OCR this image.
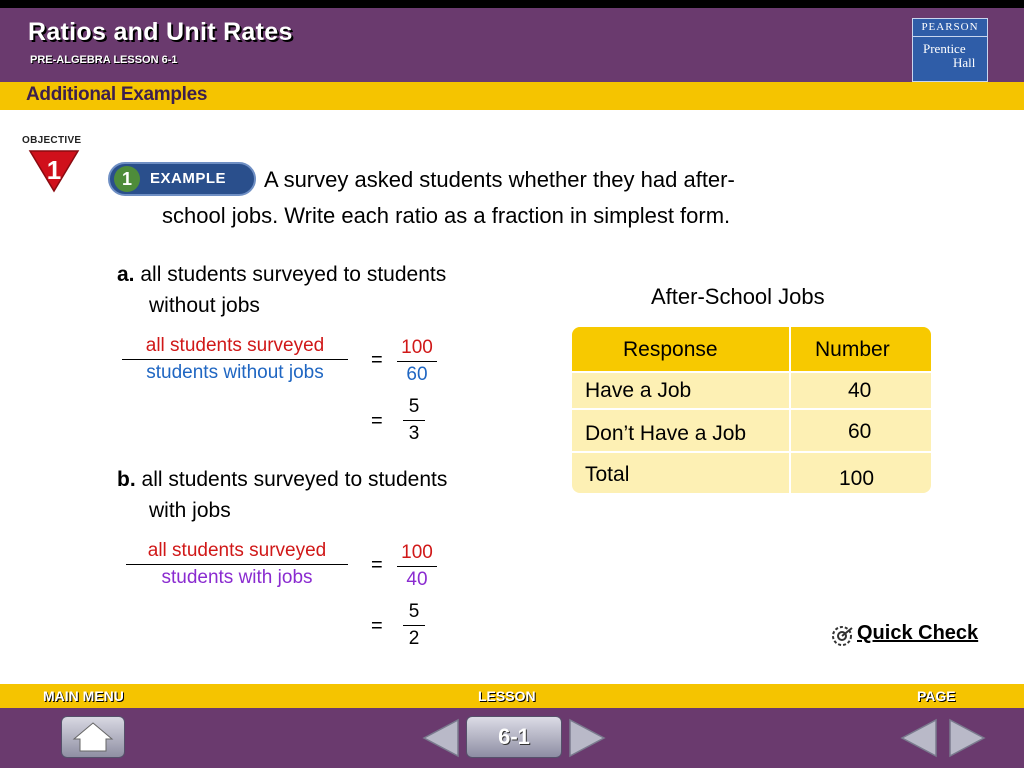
Ratios and Unit Rates
PRE-ALGEBRA LESSON 6-1
PEARSON
Prentice
Hall
Additional Examples
OBJECTIVE
1	1	EXAMPLE A survey asked students whether they had after-
school jobs. Write each ratio as a fraction in simplest form.
a. all students surveyed to students
without jobs
all students surveyed
students without jobs
= $\frac{100}{60}$
= $\frac{5}{3}$
b. all students surveyed to students
with jobs
all students surveyed
students with jobs
= $\frac{100}{40}$
= $\frac{5}{2}$
After-School Jobs
Response	Number
Have a Job	40
Don’t Have a Job	60
Total	100
Quick Check
MAIN MENU	LESSON	PAGE
6-1
